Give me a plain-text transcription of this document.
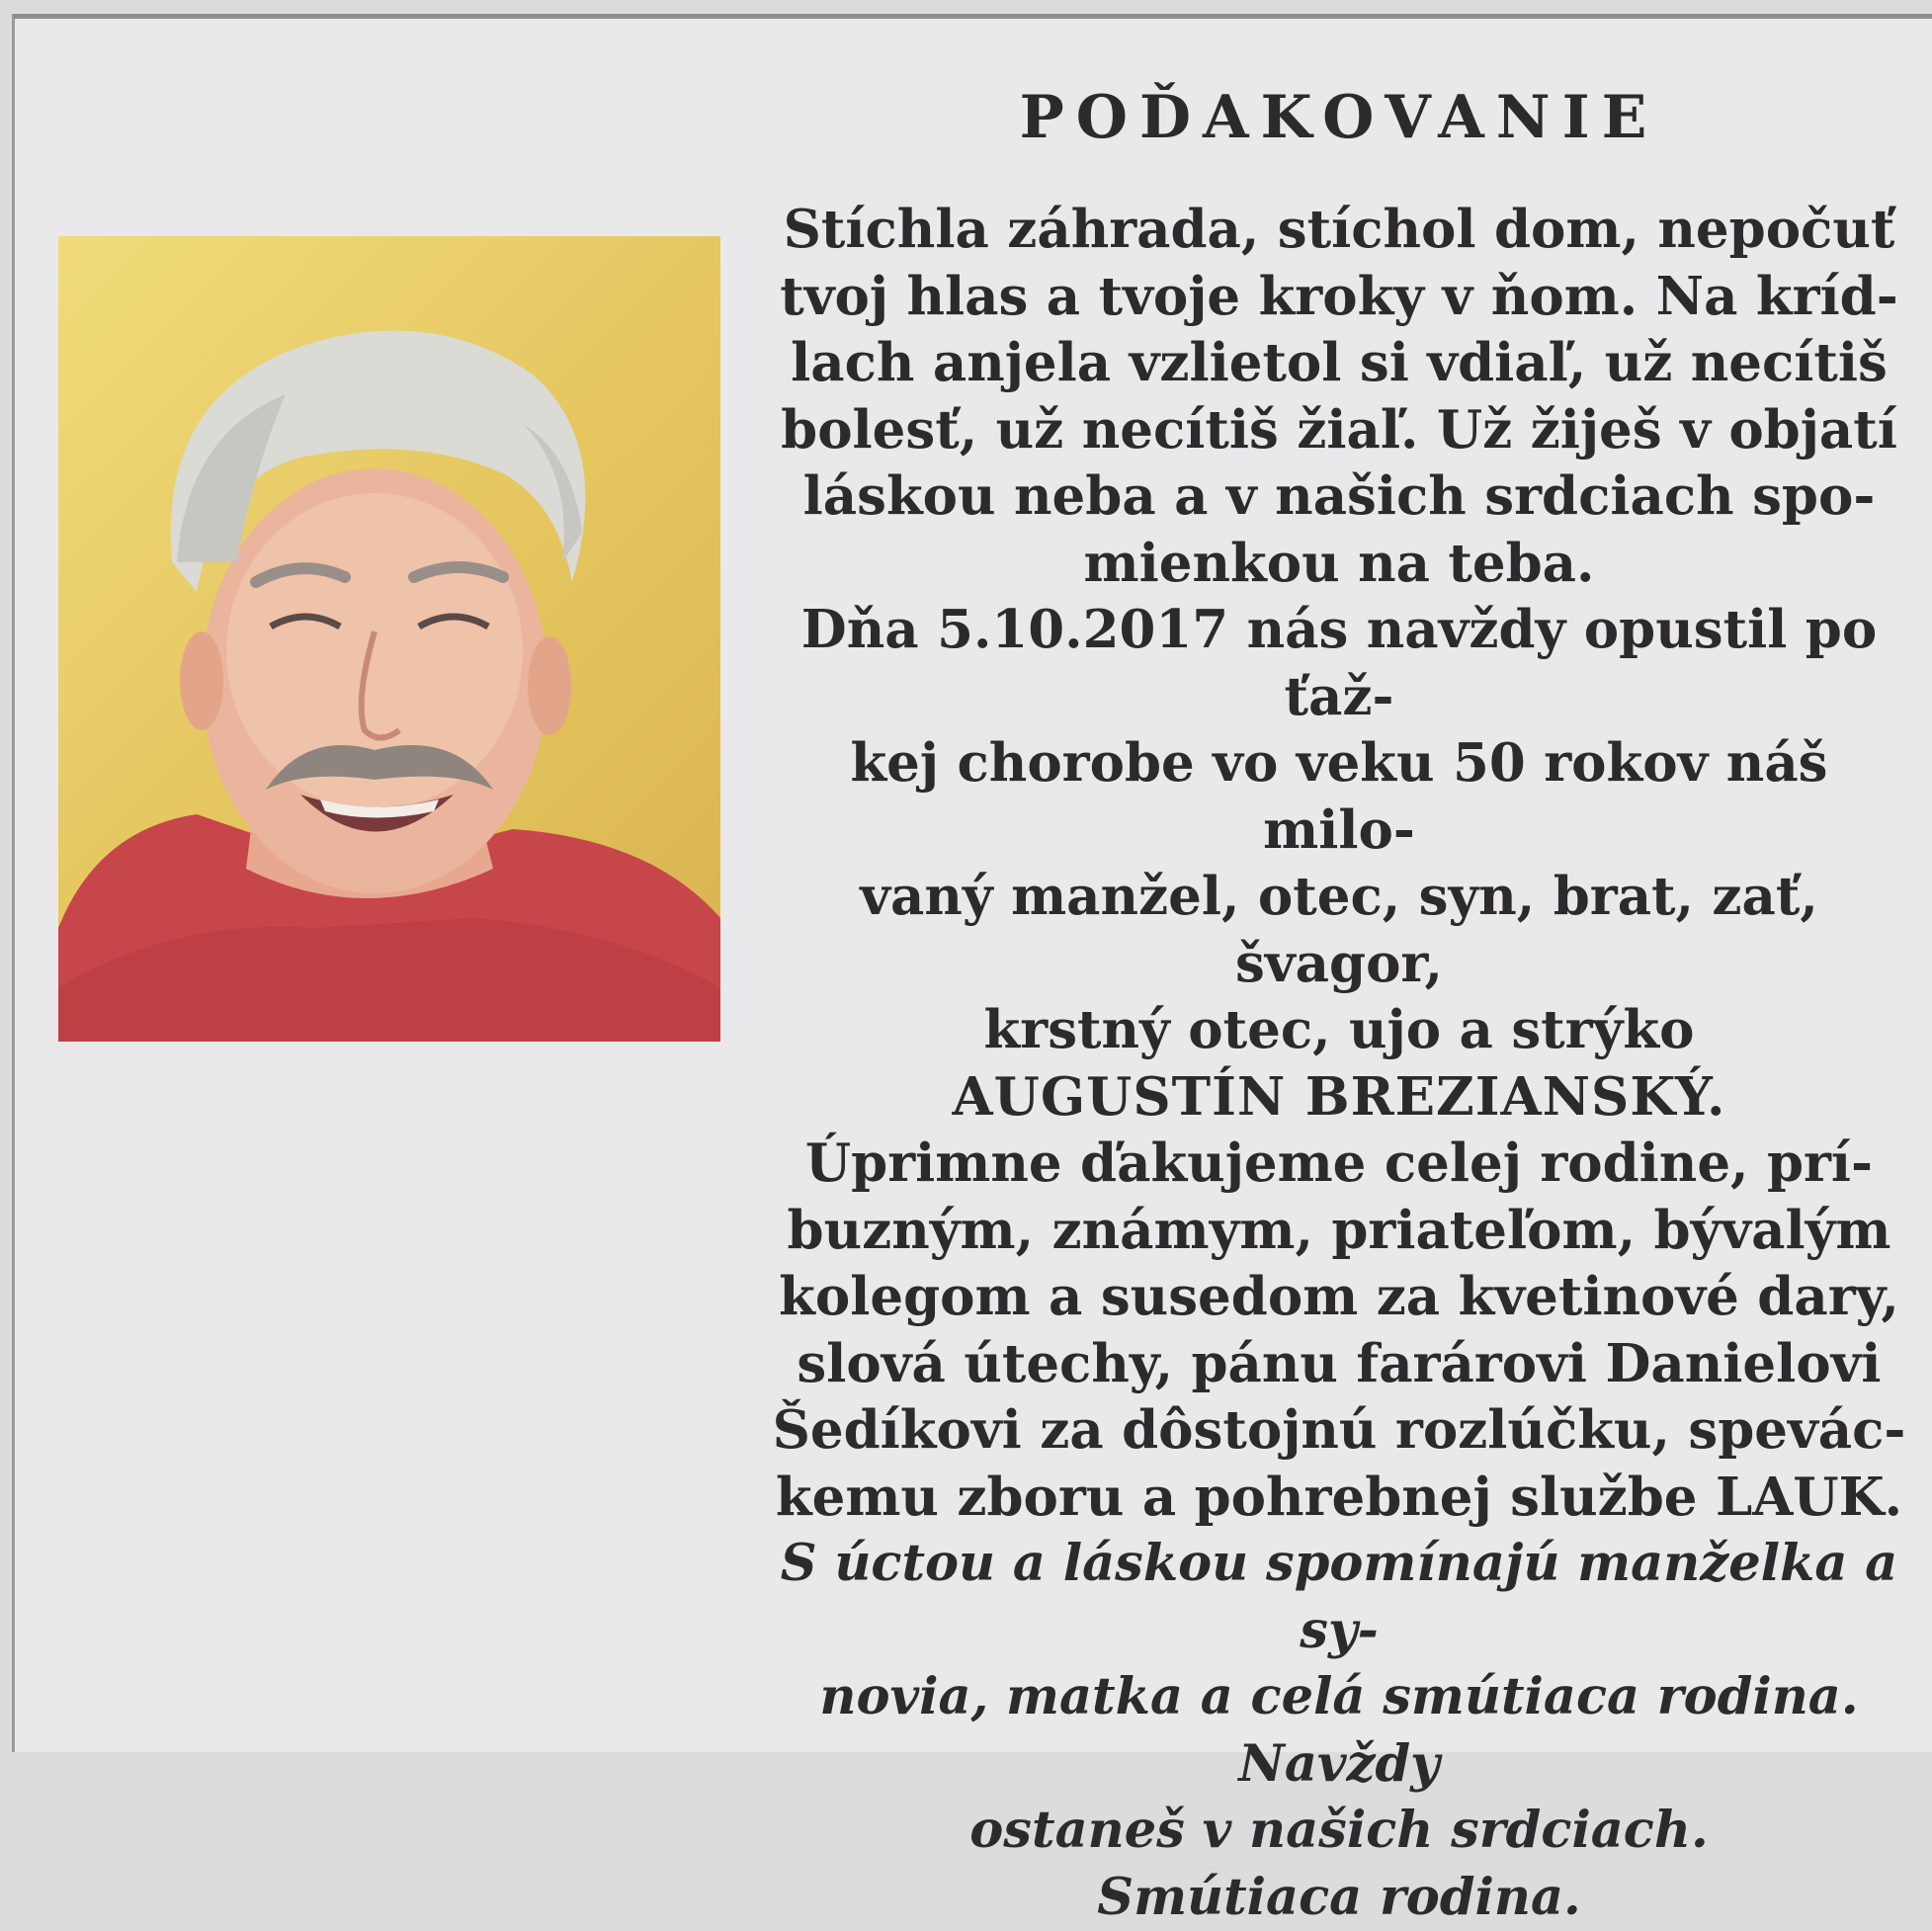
POĎAKOVANIE

Stíchla záhrada, stíchol dom, nepočuť

tvoj hlas a tvoje kroky v ňom. Na kríd-

lach anjela vzlietol si vdiaľ, už necítiš

bolesť, už necítiš žiaľ. Už žiješ v objatí

láskou neba a v našich srdciach spo-

mienkou na teba.

Dňa 5.10.2017 nás navždy opustil po ťaž-

kej chorobe vo veku 50 rokov náš milo-

vaný manžel, otec, syn, brat, zať, švagor,

krstný otec, ujo a strýko

AUGUSTÍN BREZIANSKÝ.

Úprimne ďakujeme celej rodine, prí-

buzným, známym, priateľom, bývalým

kolegom a susedom za kvetinové dary,

slová útechy, pánu farárovi Danielovi

Šedíkovi za dôstojnú rozlúčku, spevác-

kemu zboru a pohrebnej službe LAUK.

S úctou a láskou spomínajú manželka a sy-

novia, matka a celá smútiaca rodina. Navždy

ostaneš v našich srdciach.

Smútiaca rodina.
